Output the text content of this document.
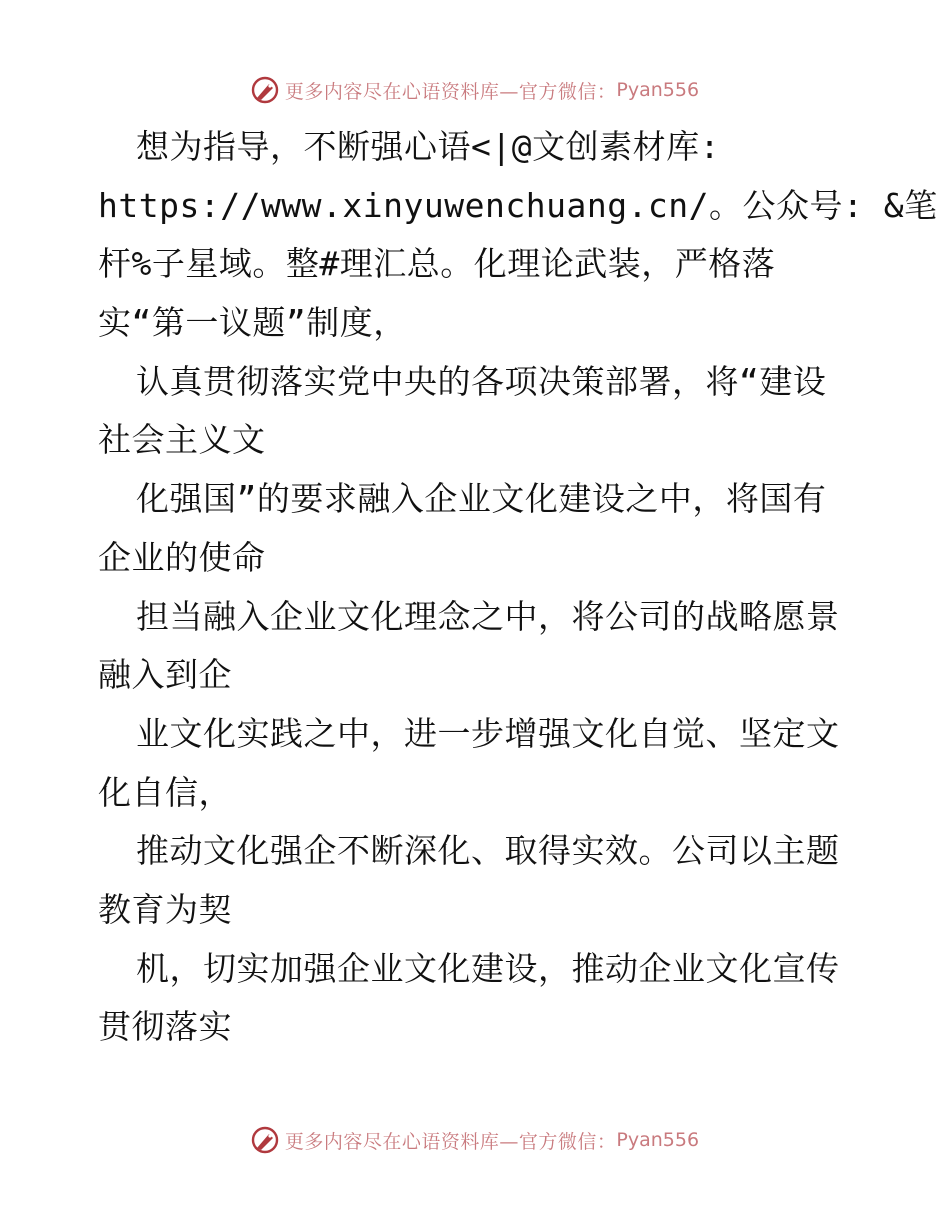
更多内容尽在心语资料库—官方微信： Pyan556
想为指导，不断强心语<|@文创素材库:
https://www.xinyuwenchuang.cn/。公众号: &笔
杆%子星域。整#理汇总。化理论武装，严格落
实“第一议题”制度，
认真贯彻落实党中央的各项决策部署，将“建设
社会主义文
化强国”的要求融入企业文化建设之中，将国有
企业的使命
担当融入企业文化理念之中，将公司的战略愿景
融入到企
业文化实践之中，进一步增强文化自觉、坚定文
化自信，
推动文化强企不断深化、取得实效。公司以主题
教育为契
机，切实加强企业文化建设，推动企业文化宣传
贯彻落实
更多内容尽在心语资料库—官方微信： Pyan556
